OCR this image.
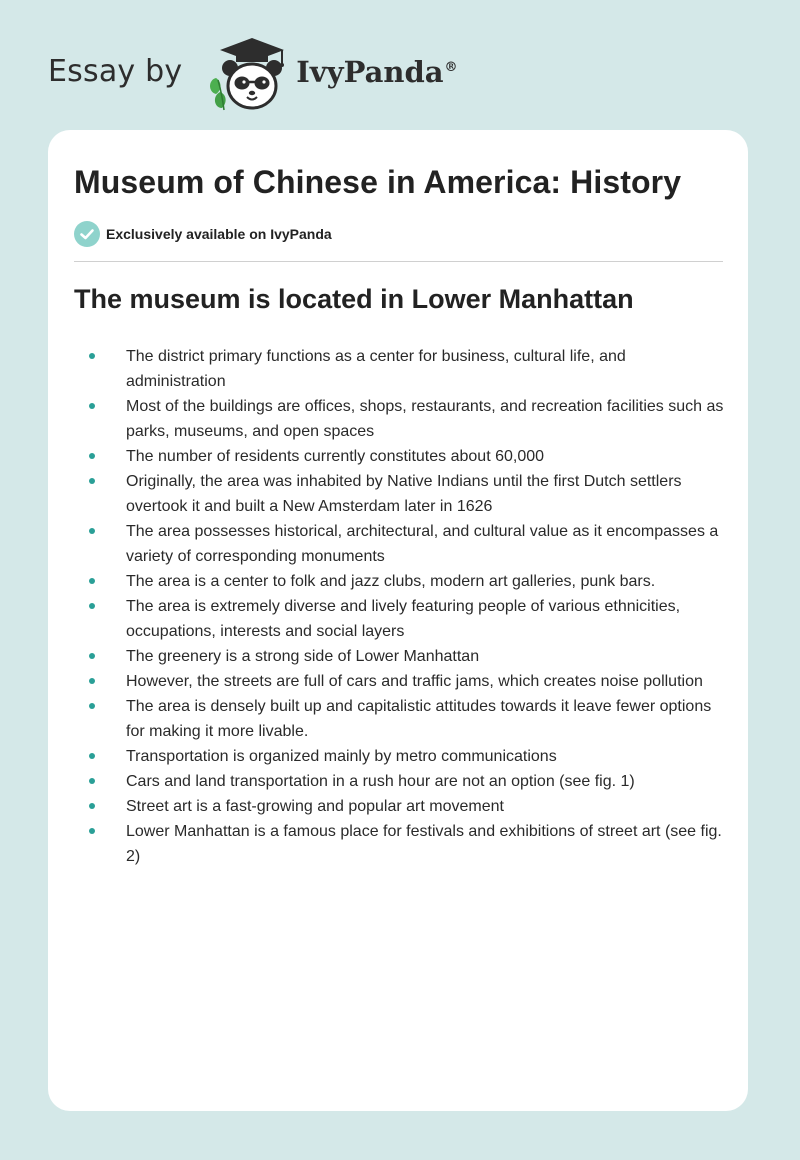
Essay by	IvyPanda®
Museum of Chinese in America: History
Exclusively available on IvyPanda
The museum is located in Lower Manhattan
The district primary functions as a center for business, cultural life, and administration
Most of the buildings are offices, shops, restaurants, and recreation facilities such as parks, museums, and open spaces
The number of residents currently constitutes about 60,000
Originally, the area was inhabited by Native Indians until the first Dutch settlers overtook it and built a New Amsterdam later in 1626
The area possesses historical, architectural, and cultural value as it encompasses a variety of corresponding monuments
The area is a center to folk and jazz clubs, modern art galleries, punk bars.
The area is extremely diverse and lively featuring people of various ethnicities, occupations, interests and social layers
The greenery is a strong side of Lower Manhattan
However, the streets are full of cars and traffic jams, which creates noise pollution
The area is densely built up and capitalistic attitudes towards it leave fewer options for making it more livable.
Transportation is organized mainly by metro communications
Cars and land transportation in a rush hour are not an option (see fig. 1)
Street art is a fast-growing and popular art movement
Lower Manhattan is a famous place for festivals and exhibitions of street art (see fig. 2)
